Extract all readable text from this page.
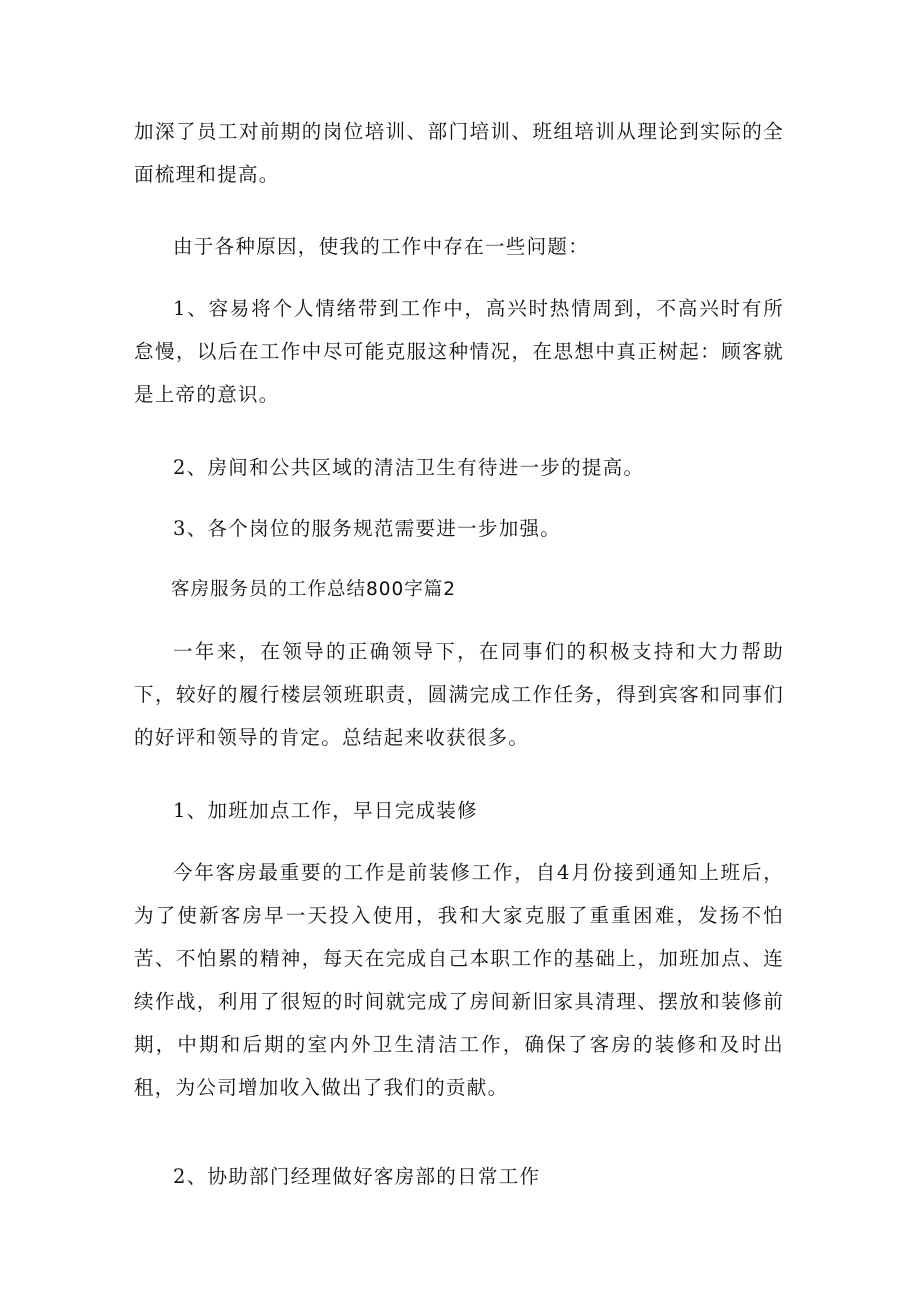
加深了员工对前期的岗位培训、部门培训、班组培训从理论到实际的全面梳理和提高。

由于各种原因，使我的工作中存在一些问题：

1、容易将个人情绪带到工作中，高兴时热情周到，不高兴时有所怠慢，以后在工作中尽可能克服这种情况，在思想中真正树起：顾客就是上帝的意识。

2、房间和公共区域的清洁卫生有待进一步的提高。

3、各个岗位的服务规范需要进一步加强。

客房服务员的工作总结800字篇2

一年来，在领导的正确领导下，在同事们的积极支持和大力帮助下，较好的履行楼层领班职责，圆满完成工作任务，得到宾客和同事们的好评和领导的肯定。总结起来收获很多。

1、加班加点工作，早日完成装修

今年客房最重要的工作是前装修工作，自4月份接到通知上班后，为了使新客房早一天投入使用，我和大家克服了重重困难，发扬不怕苦、不怕累的精神，每天在完成自己本职工作的基础上，加班加点、连续作战，利用了很短的时间就完成了房间新旧家具清理、摆放和装修前期，中期和后期的室内外卫生清洁工作，确保了客房的装修和及时出租，为公司增加收入做出了我们的贡献。

2、协助部门经理做好客房部的日常工作
